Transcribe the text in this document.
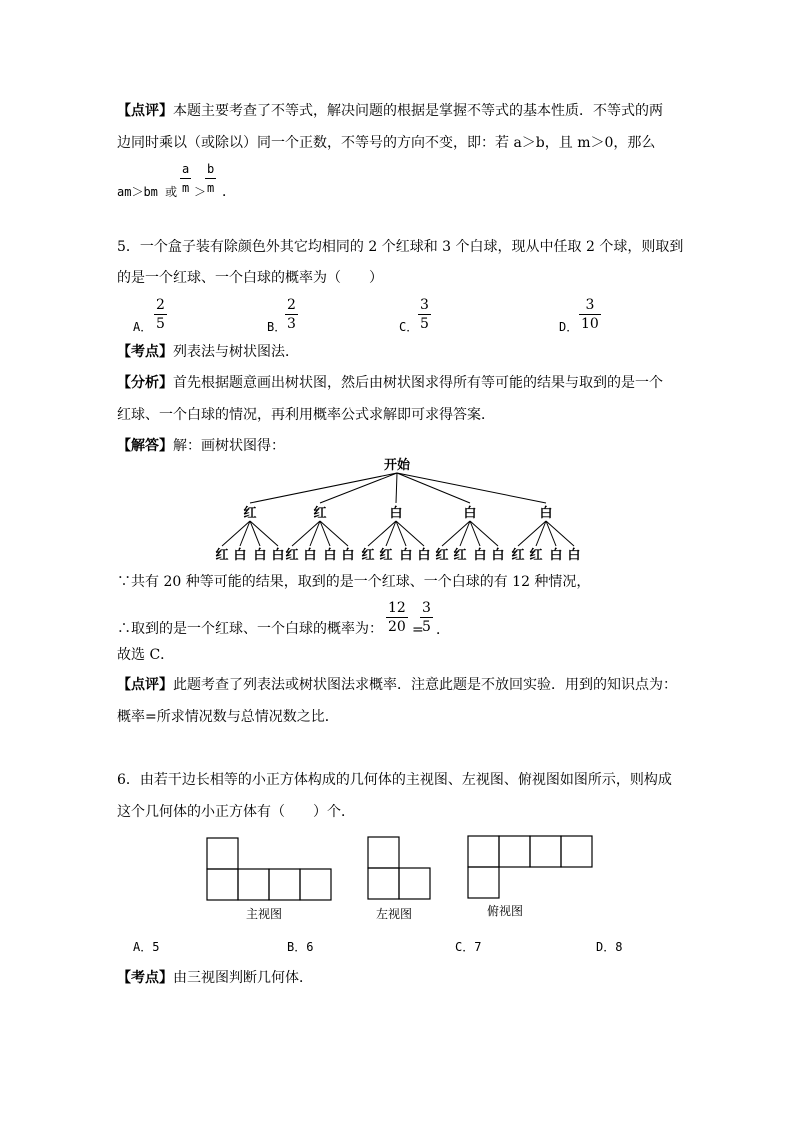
【点评】本题主要考查了不等式，解决问题的根据是掌握不等式的基本性质．不等式的两
边同时乘以（或除以）同一个正数，不等号的方向不变，即：若 a＞b，且 m＞0，那么
am＞bm 或
a
m ＞
b
m ．
5．一个盒子装有除颜色外其它均相同的 2 个红球和 3 个白球，现从中任取 2 个球，则取到
的是一个红球、一个白球的概率为（　　）
A．
2
5	B．
2
3	C．
3
5	D．
3
10
【考点】列表法与树状图法．
【分析】首先根据题意画出树状图，然后由树状图求得所有等可能的结果与取到的是一个
红球、一个白球的情况，再利用概率公式求解即可求得答案．
【解答】解：画树状图得：
开始
红
红 白 白 白
红
红 白 白 白
白
红 红 白 白
白
红 红 白 白
白
红 红 白 白
∵共有 20 种等可能的结果，取到的是一个红球、一个白球的有 12 种情况，
∴取到的是一个红球、一个白球的概率为：
12
20 =
3
5 ．
故选 C．
【点评】此题考查了列表法或树状图法求概率．注意此题是不放回实验．用到的知识点为：
概率=所求情况数与总情况数之比．
6．由若干边长相等的小正方体构成的几何体的主视图、左视图、俯视图如图所示，则构成
这个几何体的小正方体有（　　）个．
主视图	左视图	俯视图
A．5	B．6	C．7	D．8
【考点】由三视图判断几何体．
